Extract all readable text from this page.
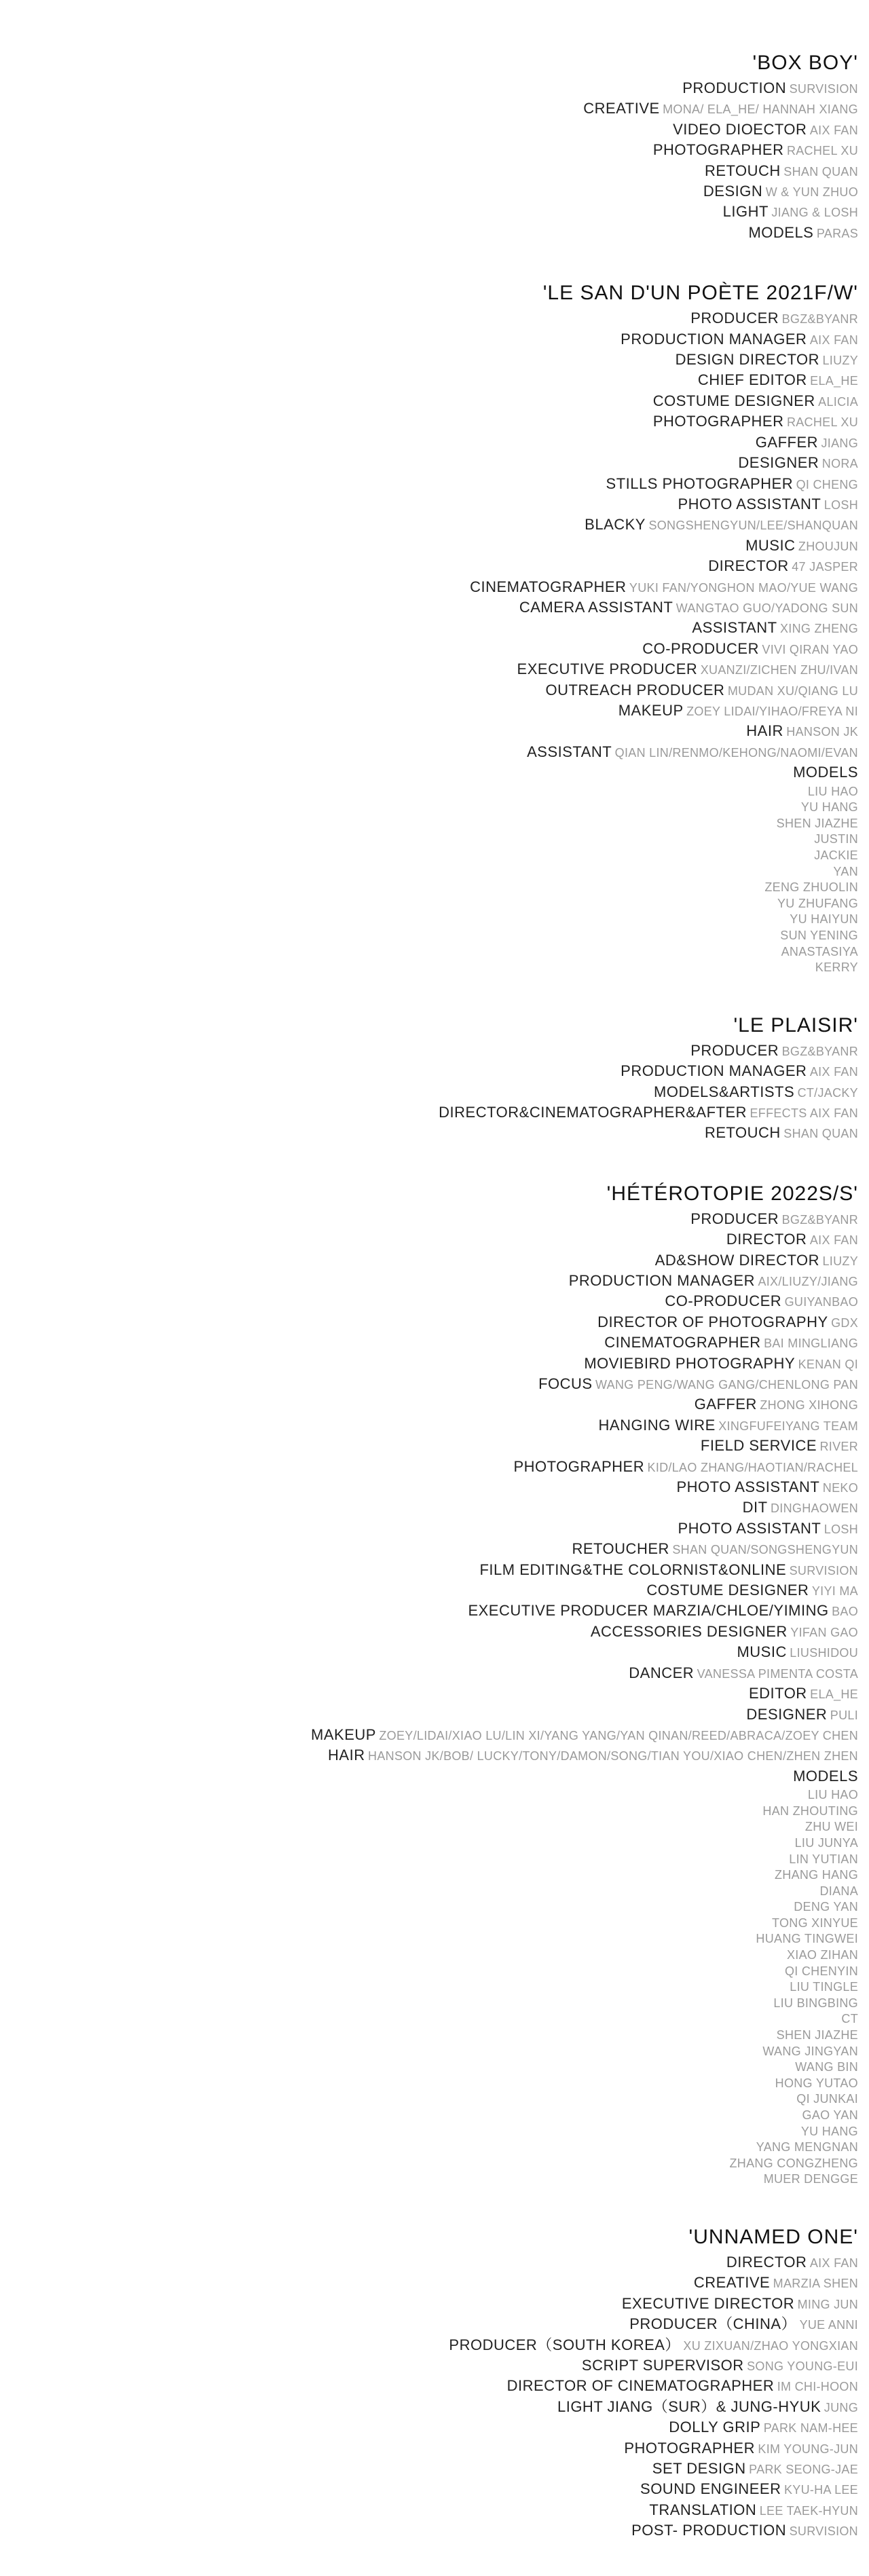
'BOX BOY'
PRODUCTION SURVISION
CREATIVE MONA/ ELA_HE/ HANNAH XIANG
VIDEO DIOECTOR AIX FAN
PHOTOGRAPHER RACHEL XU
RETOUCH SHAN QUAN
DESIGN W & YUN ZHUO
LIGHT JIANG & LOSH
MODELS PARAS
'LE SAN D'UN POÈTE 2021F/W'
PRODUCER BGZ&BYANR
PRODUCTION MANAGER AIX FAN
DESIGN DIRECTOR LIUZY
CHIEF EDITOR ELA_HE
COSTUME DESIGNER ALICIA
PHOTOGRAPHER RACHEL XU
GAFFER JIANG
DESIGNER NORA
STILLS PHOTOGRAPHER QI CHENG
PHOTO ASSISTANT LOSH
BLACKY SONGSHENGYUN/LEE/SHANQUAN
MUSIC ZHOUJUN
DIRECTOR 47 JASPER
CINEMATOGRAPHER YUKI FAN/YONGHON MAO/YUE WANG
CAMERA ASSISTANT WANGTAO GUO/YADONG SUN
ASSISTANT XING ZHENG
CO-PRODUCER VIVI QIRAN YAO
EXECUTIVE PRODUCER XUANZI/ZICHEN ZHU/IVAN
OUTREACH PRODUCER MUDAN XU/QIANG LU
MAKEUP ZOEY LIDAI/YIHAO/FREYA NI
HAIR HANSON JK
ASSISTANT QIAN LIN/RENMO/KEHONG/NAOMI/EVAN
MODELS
LIU HAO
YU HANG
SHEN JIAZHE
JUSTIN
JACKIE
YAN
ZENG ZHUOLIN
YU ZHUFANG
YU HAIYUN
SUN YENING
ANASTASIYA
KERRY
'LE PLAISIR'
PRODUCER BGZ&BYANR
PRODUCTION MANAGER AIX FAN
MODELS&ARTISTS CT/JACKY
DIRECTOR&CINEMATOGRAPHER&AFTER EFFECTS AIX FAN
RETOUCH SHAN QUAN
'HÉTÉROTOPIE 2022S/S'
PRODUCER BGZ&BYANR
DIRECTOR AIX FAN
AD&SHOW DIRECTOR LIUZY
PRODUCTION MANAGER AIX/LIUZY/JIANG
CO-PRODUCER GUIYANBAO
DIRECTOR OF PHOTOGRAPHY GDX
CINEMATOGRAPHER BAI MINGLIANG
MOVIEBIRD PHOTOGRAPHY KENAN QI
FOCUS WANG PENG/WANG GANG/CHENLONG PAN
GAFFER ZHONG XIHONG
HANGING WIRE XINGFUFEIYANG TEAM
FIELD SERVICE RIVER
PHOTOGRAPHER KID/LAO ZHANG/HAOTIAN/RACHEL
PHOTO ASSISTANT NEKO
DIT DINGHAOWEN
PHOTO ASSISTANT LOSH
RETOUCHER SHAN QUAN/SONGSHENGYUN
FILM EDITING&THE COLORNIST&ONLINE SURVISION
COSTUME DESIGNER YIYI MA
EXECUTIVE PRODUCER MARZIA/CHLOE/YIMING BAO
ACCESSORIES DESIGNER YIFAN GAO
MUSIC LIUSHIDOU
DANCER VANESSA PIMENTA COSTA
EDITOR ELA_HE
DESIGNER PULI
MAKEUP ZOEY/LIDAI/XIAO LU/LIN XI/YANG YANG/YAN QINAN/REED/ABRACA/ZOEY CHEN
HAIR HANSON JK/BOB/ LUCKY/TONY/DAMON/SONG/TIAN YOU/XIAO CHEN/ZHEN ZHEN
MODELS
LIU HAO
HAN ZHOUTING
ZHU WEI
LIU JUNYA
LIN YUTIAN
ZHANG HANG
DIANA
DENG YAN
TONG XINYUE
HUANG TINGWEI
XIAO ZIHAN
QI CHENYIN
LIU TINGLE
LIU BINGBING
CT
SHEN JIAZHE
WANG JINGYAN
WANG BIN
HONG YUTAO
QI JUNKAI
GAO YAN
YU HANG
YANG MENGNAN
ZHANG CONGZHENG
MUER DENGGE
'UNNAMED ONE'
DIRECTOR AIX FAN
CREATIVE MARZIA SHEN
EXECUTIVE DIRECTOR MING JUN
PRODUCER（CHINA） YUE ANNI
PRODUCER（SOUTH KOREA） XU ZIXUAN/ZHAO YONGXIAN
SCRIPT SUPERVISOR SONG YOUNG-EUI
DIRECTOR OF CINEMATOGRAPHER IM CHI-HOON
LIGHT JIANG（SUR）& JUNG-HYUK JUNG
DOLLY GRIP PARK NAM-HEE
PHOTOGRAPHER KIM YOUNG-JUN
SET DESIGN PARK SEONG-JAE
SOUND ENGINEER KYU-HA LEE
TRANSLATION LEE TAEK-HYUN
POST- PRODUCTION SURVISION
